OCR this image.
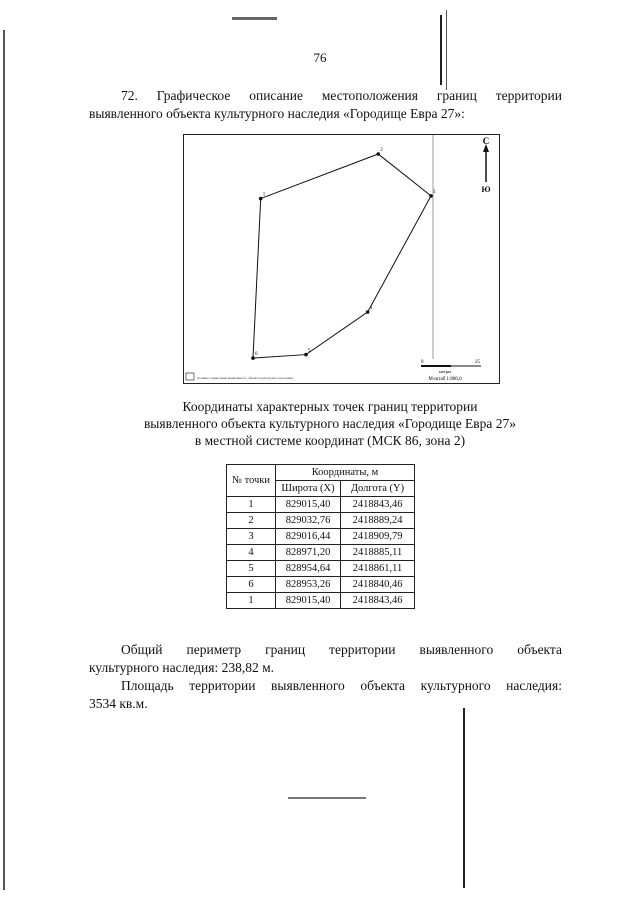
76
72. Графическое описание местоположения границ территории
выявленного объекта культурного наследия «Городище Евра 27»:
1
2
3
4
5
6
С
Ю
0	25
метры
М-штаб 1:800,0
граница территории выявленного объекта культурного наследия
Координаты характерных точек границ территории
выявленного объекта культурного наследия «Городище Евра 27»
в местной системе координат (МСК 86, зона 2)
№ точки	Координаты, м	
	Широта (X)	Долгота (Y)
1	829015,40	2418843,46
2	829032,76	2418889,24
3	829016,44	2418909,79
4	828971,20	2418885,11
5	828954,64	2418861,11
6	828953,26	2418840,46
1	829015,40	2418843,46
Общий периметр границ территории выявленного объекта
культурного наследия: 238,82 м.
Площадь территории выявленного объекта культурного наследия:
3534 кв.м.
